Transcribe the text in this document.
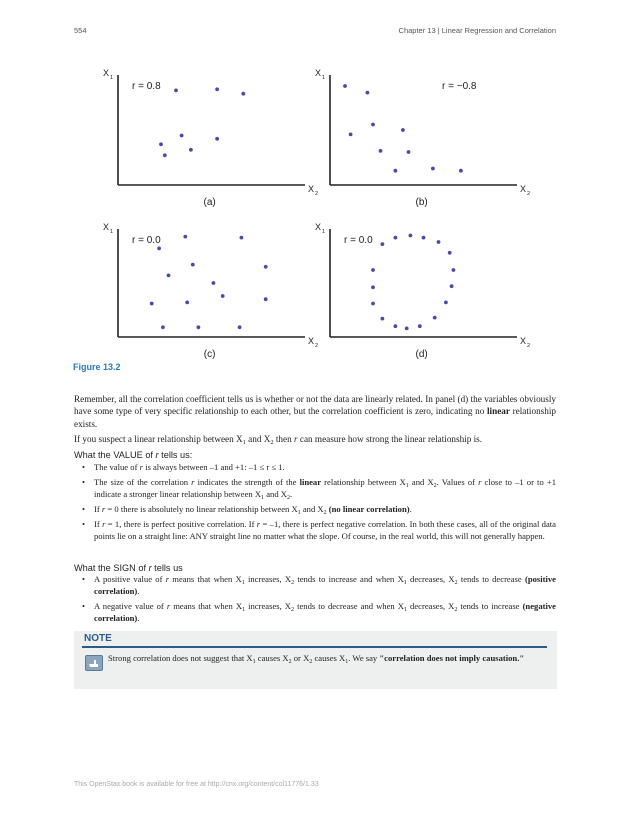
554	Chapter 13 | Linear Regression and Correlation
X 1
X 2
r = 0.8
(a)
X 1
X 2
r = −0.8
(b)
X 1
X 2
r = 0.0
(c)
X 1
X 2
r = 0.0
(d)
Figure 13.2
Remember, all the correlation coefficient tells us is whether or not the data are linearly related. In panel (d) the variables obviously have some type of very specific relationship to each other, but the correlation coefficient is zero, indicating no linear relationship exists.
If you suspect a linear relationship between $X_1$ and $X_2$ then r can measure how strong the linear relationship is.
What the VALUE of r tells us:
• The value of r is always between –1 and +1: –1 ≤ r ≤ 1.
• The size of the correlation r indicates the strength of the linear relationship between $X_1$ and $X_2$. Values of r close to –1 or to +1 indicate a stronger linear relationship between $X_1$ and $X_2$.
• If r = 0 there is absolutely no linear relationship between $X_1$ and $X_2$ (no linear correlation).
• If r = 1, there is perfect positive correlation. If r = –1, there is perfect negative correlation. In both these cases, all of the original data points lie on a straight line: ANY straight line no matter what the slope. Of course, in the real world, this will not generally happen.
What the SIGN of r tells us
• A positive value of r means that when $X_1$ increases, $X_2$ tends to increase and when $X_1$ decreases, $X_2$ tends to decrease (positive correlation).
• A negative value of r means that when $X_1$ increases, $X_2$ tends to decrease and when $X_1$ decreases, $X_2$ tends to increase (negative correlation).
NOTE
Strong correlation does not suggest that $X_1$ causes $X_2$ or $X_2$ causes $X_1$. We say "correlation does not imply causation."
This OpenStax book is available for free at http://cnx.org/content/col11776/1.33
